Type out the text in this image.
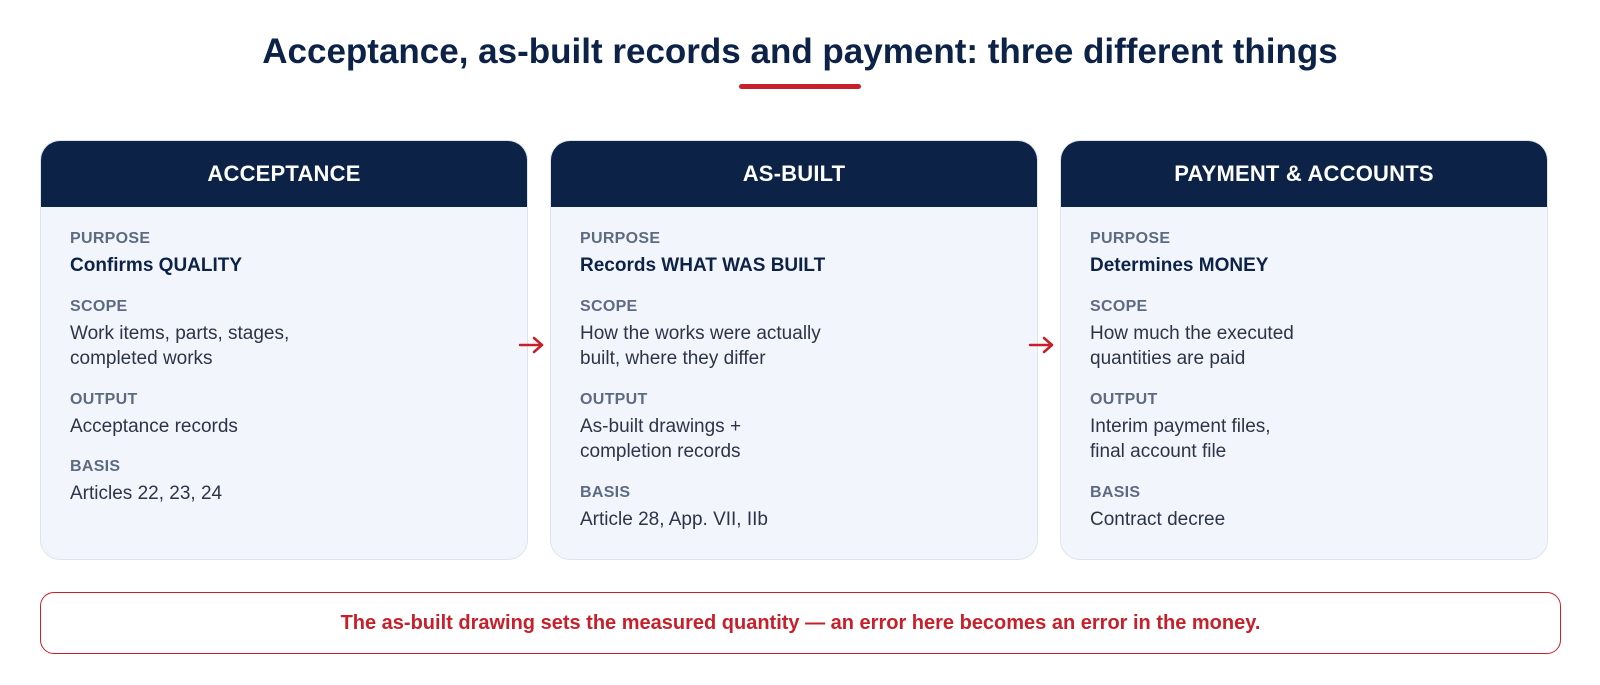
Acceptance, as-built records and payment: three different things
ACCEPTANCE
PURPOSE
Confirms QUALITY
SCOPE
Work items, parts, stages,
completed works
OUTPUT
Acceptance records
BASIS
Articles 22, 23, 24
AS-BUILT
PURPOSE
Records WHAT WAS BUILT
SCOPE
How the works were actually
built, where they differ
OUTPUT
As-built drawings +
completion records
BASIS
Article 28, App. VII, IIb
PAYMENT & ACCOUNTS
PURPOSE
Determines MONEY
SCOPE
How much the executed
quantities are paid
OUTPUT
Interim payment files,
final account file
BASIS
Contract decree
The as-built drawing sets the measured quantity — an error here becomes an error in the money.
